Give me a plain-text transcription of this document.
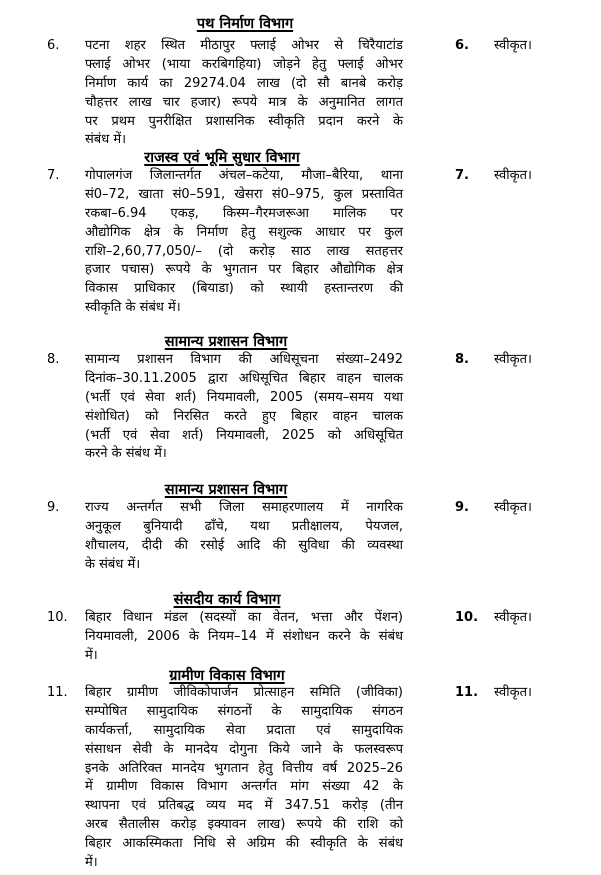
पथ निर्माण विभाग
6. पटना शहर स्थित मीठापुर फ्लाई ओभर से चिरैयाटांड
फ्लाई ओभर (भाया करबिगहिया) जोड़ने हेतु फ्लाई ओभर
निर्माण कार्य का 29274.04 लाख (दो सौ बानबे करोड़
चौहत्तर लाख चार हजार) रूपये मात्र के अनुमानित लागत
पर प्रथम पुनरीक्षित प्रशासनिक स्वीकृति प्रदान करने के
संबंध में।
6. स्वीकृत।
राजस्व एवं भूमि सुधार विभाग
7. गोपालगंज जिलान्तर्गत अंचल–कटेया, मौजा–बैरिया, थाना
सं0–72, खाता सं0–591, खेसरा सं0–975, कुल प्रस्तावित
रकबा–6.94 एकड़, किस्म–गैरमजरूआ मालिक पर
औद्योगिक क्षेत्र के निर्माण हेतु सशुल्क आधार पर कुल
राशि–2,60,77,050/– (दो करोड़ साठ लाख सतहत्तर
हजार पचास) रूपये के भुगतान पर बिहार औद्योगिक क्षेत्र
विकास प्राधिकार (बियाडा) को स्थायी हस्तान्तरण की
स्वीकृति के संबंध में।
7. स्वीकृत।
सामान्य प्रशासन विभाग
8. सामान्य प्रशासन विभाग की अधिसूचना संख्या–2492
दिनांक–30.11.2005 द्वारा अधिसूचित बिहार वाहन चालक
(भर्ती एवं सेवा शर्त) नियमावली, 2005 (समय–समय यथा
संशोधित) को निरसित करते हुए बिहार वाहन चालक
(भर्ती एवं सेवा शर्त) नियमावली, 2025 को अधिसूचित
करने के संबंध में।
8. स्वीकृत।
सामान्य प्रशासन विभाग
9. राज्य अन्तर्गत सभी जिला समाहरणालय में नागरिक
अनुकूल बुनियादी ढाँचे, यथा प्रतीक्षालय, पेयजल,
शौचालय, दीदी की रसोई आदि की सुविधा की व्यवस्था
के संबंध में।
9. स्वीकृत।
संसदीय कार्य विभाग
10. बिहार विधान मंडल (सदस्यों का वेतन, भत्ता और पेंशन)
नियमावली, 2006 के नियम–14 में संशोधन करने के संबंध
में।
10. स्वीकृत।
ग्रामीण विकास विभाग
11. बिहार ग्रामीण जीविकोपार्जन प्रोत्साहन समिति (जीविका)
सम्पोषित सामुदायिक संगठनों के सामुदायिक संगठन
कार्यकर्त्ता, सामुदायिक सेवा प्रदाता एवं सामुदायिक
संसाधन सेवी के मानदेय दोगुना किये जाने के फलस्वरूप
इनके अतिरिक्त मानदेय भुगतान हेतु वित्तीय वर्ष 2025–26
में ग्रामीण विकास विभाग अन्तर्गत मांग संख्या 42 के
स्थापना एवं प्रतिबद्ध व्यय मद में 347.51 करोड़ (तीन
अरब सैतालीस करोड़ इक्यावन लाख) रूपये की राशि को
बिहार आकस्मिकता निधि से अग्रिम की स्वीकृति के संबंध
में।
11. स्वीकृत।
